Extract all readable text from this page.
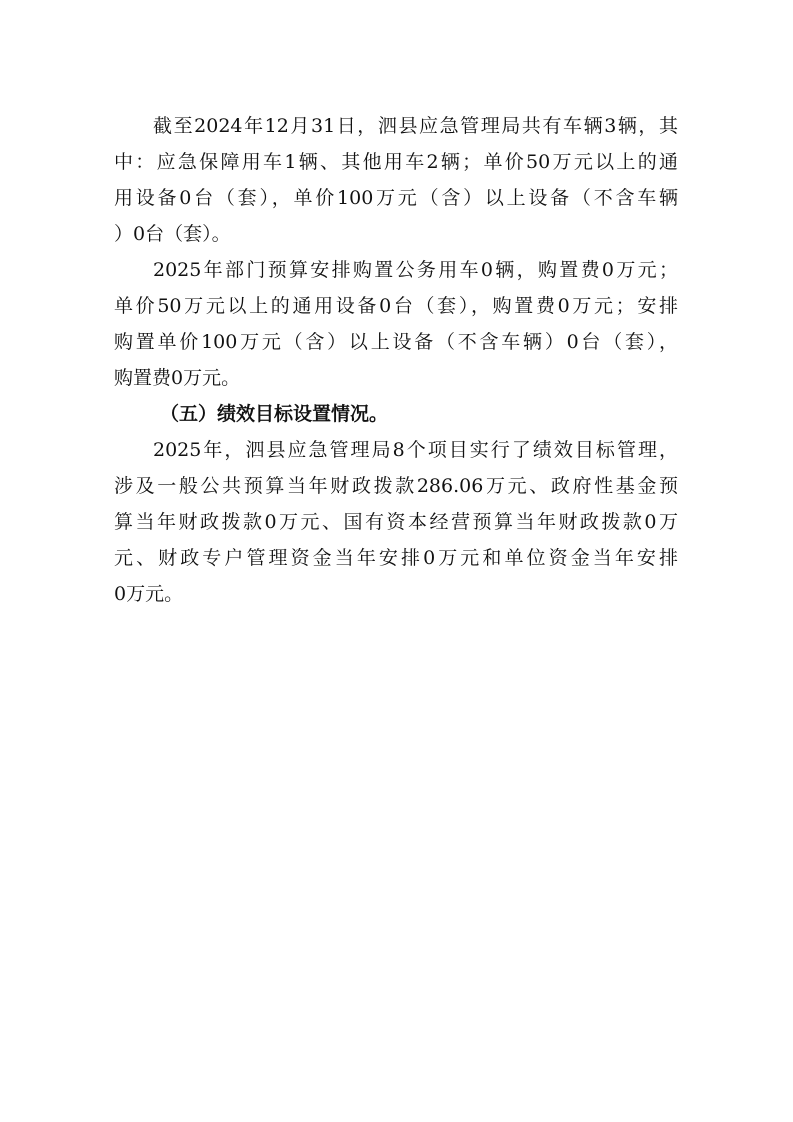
截至2024年12月31日，泗县应急管理局共有车辆3辆，其
中：应急保障用车1辆、其他用车2辆；单价50万元以上的通
用设备0台（套），单价100万元（含）以上设备（不含车辆
）0台（套）。
2025年部门预算安排购置公务用车0辆，购置费0万元；
单价50万元以上的通用设备0台（套），购置费0万元；安排
购置单价100万元（含）以上设备（不含车辆）0台（套），
购置费0万元。
（五）绩效目标设置情况。
2025年，泗县应急管理局8个项目实行了绩效目标管理，
涉及一般公共预算当年财政拨款286.06万元、政府性基金预
算当年财政拨款0万元、国有资本经营预算当年财政拨款0万
元、财政专户管理资金当年安排0万元和单位资金当年安排
0万元。
